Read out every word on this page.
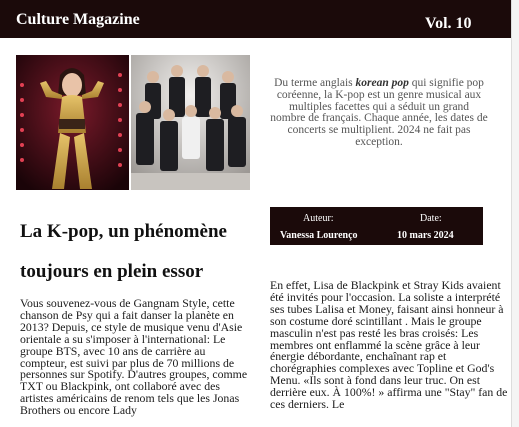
Culture Magazine	Vol. 10

Du terme anglais korean pop qui signifie pop coréenne, la K-pop est un genre musical aux multiples facettes qui a séduit un grand nombre de français. Chaque année, les dates de concerts se multiplient. 2024 ne fait pas exception.

La K-pop, un phénomène
toujours en plein essor
Auteur:
Vanessa Lourenço
Date:
10 mars 2024

Vous souvenez-vous de Gangnam Style, cette chanson de Psy qui a fait danser la planète en 2013? Depuis, ce style de musique venu d'Asie orientale a su s'imposer à l'international: Le groupe BTS, avec 10 ans de carrière au compteur, est suivi par plus de 70 millions de personnes sur Spotify. D'autres groupes, comme TXT ou Blackpink, ont collaboré avec des artistes américains de renom tels que les Jonas Brothers ou encore Lady

En effet, Lisa de Blackpink et Stray Kids avaient été invités pour l'occasion. La soliste a interprété ses tubes Lalisa et Money, faisant ainsi honneur à son costume doré scintillant . Mais le groupe masculin n'est pas resté les bras croisés: Les membres ont enflammé la scène grâce à leur énergie débordante, enchaînant rap et chorégraphies complexes avec Topline et God's Menu. «Ils sont à fond dans leur truc. On est derrière eux. À 100%! » affirma une "Stay" fan de ces derniers. Le
